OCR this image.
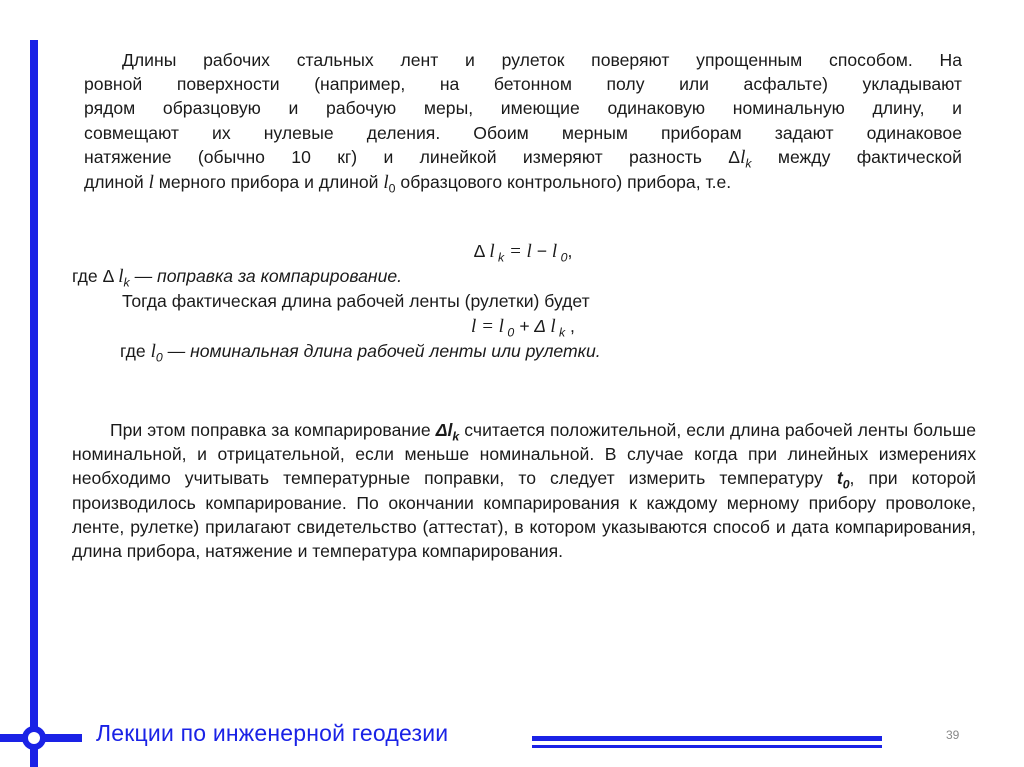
Длины рабочих стальных лент и рулеток поверяют упрощенным способом. На
ровной поверхности (например, на бетонном полу или асфальте) укладывают
рядом образцовую и рабочую меры, имеющие одинаковую номинальную длину, и
совмещают их нулевые деления. Обоим мерным приборам задают одинаковое
натяжение (обычно 10 кг) и линейкой измеряют разность $\Delta l_k$ между фактической
длиной l мерного прибора и длиной $l_0$ образцового контрольного) прибора, т.е.
Δ l $_k$ = l − l $_0$,
где Δ $l_k$ — поправка за компарирование.
Тогда фактическая длина рабочей ленты (рулетки) будет
l = l $_0$ + Δ l $_k$ ,
где $l_0$ — номинальная длина рабочей ленты или рулетки.

При этом поправка за компарирование $\Delta l_k$ считается положительной, если длина рабочей ленты больше номинальной, и отрицательной, если меньше номинальной. В случае когда при линейных измерениях необходимо учитывать температурные поправки, то следует измерить температуру $t_0$, при которой производилось компарирование. По окончании компарирования к каждому мерному прибору проволоке, ленте, рулетке) прилагают свидетельство (аттестат), в котором указываются способ и дата компарирования, длина прибора, натяжение и температура компарирования.

Лекции по инженерной геодезии	39
